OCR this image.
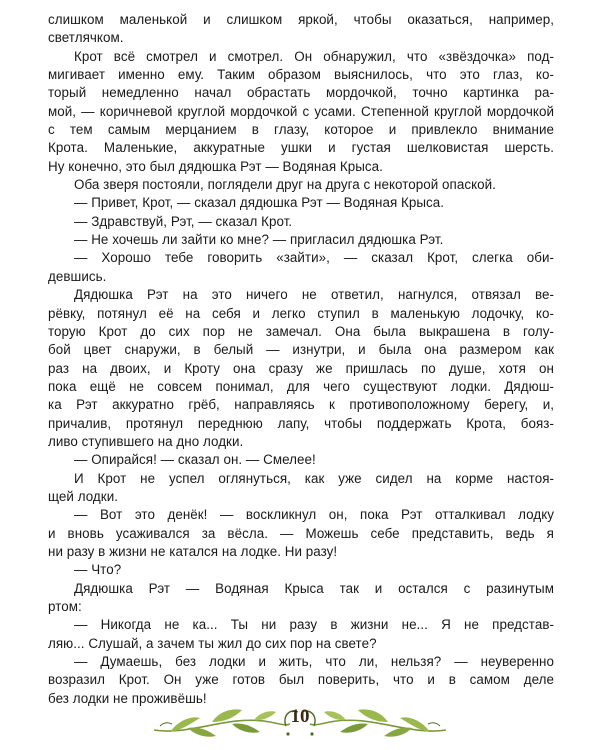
слишком маленькой и слишком яркой, чтобы оказаться, например,
светлячком.
Крот всё смотрел и смотрел. Он обнаружил, что «звёздочка» под-
мигивает именно ему. Таким образом выяснилось, что это глаз, ко-
торый немедленно начал обрастать мордочкой, точно картинка ра-
мой, — коричневой круглой мордочкой с усами. Степенной круглой мордочкой
с тем самым мерцанием в глазу, которое и привлекло внимание
Крота. Маленькие, аккуратные ушки и густая шелковистая шерсть.
Ну конечно, это был дядюшка Рэт — Водяная Крыса.
Оба зверя постояли, поглядели друг на друга с некоторой опаской.
— Привет, Крот, — сказал дядюшка Рэт — Водяная Крыса.
— Здравствуй, Рэт, — сказал Крот.
— Не хочешь ли зайти ко мне? — пригласил дядюшка Рэт.
— Хорошо тебе говорить «зайти», — сказал Крот, слегка оби-
девшись.
Дядюшка Рэт на это ничего не ответил, нагнулся, отвязал ве-
рёвку, потянул её на себя и легко ступил в маленькую лодочку, ко-
торую Крот до сих пор не замечал. Она была выкрашена в голу-
бой цвет снаружи, в белый — изнутри, и была она размером как
раз на двоих, и Кроту она сразу же пришлась по душе, хотя он
пока ещё не совсем понимал, для чего существуют лодки. Дядюш-
ка Рэт аккуратно грёб, направляясь к противоположному берегу, и,
причалив, протянул переднюю лапу, чтобы поддержать Крота, бояз-
ливо ступившего на дно лодки.
— Опирайся! — сказал он. — Смелее!
И Крот не успел оглянуться, как уже сидел на корме настоя-
щей лодки.
— Вот это денёк! — воскликнул он, пока Рэт отталкивал лодку
и вновь усаживался за вёсла. — Можешь себе представить, ведь я
ни разу в жизни не катался на лодке. Ни разу!
— Что?
Дядюшка Рэт — Водяная Крыса так и остался с разинутым
ртом:
— Никогда не ка... Ты ни разу в жизни не... Я не представ-
ляю... Слушай, а зачем ты жил до сих пор на свете?
— Думаешь, без лодки и жить, что ли, нельзя? — неуверенно
возразил Крот. Он уже готов был поверить, что и в самом деле
без лодки не проживёшь!
10
